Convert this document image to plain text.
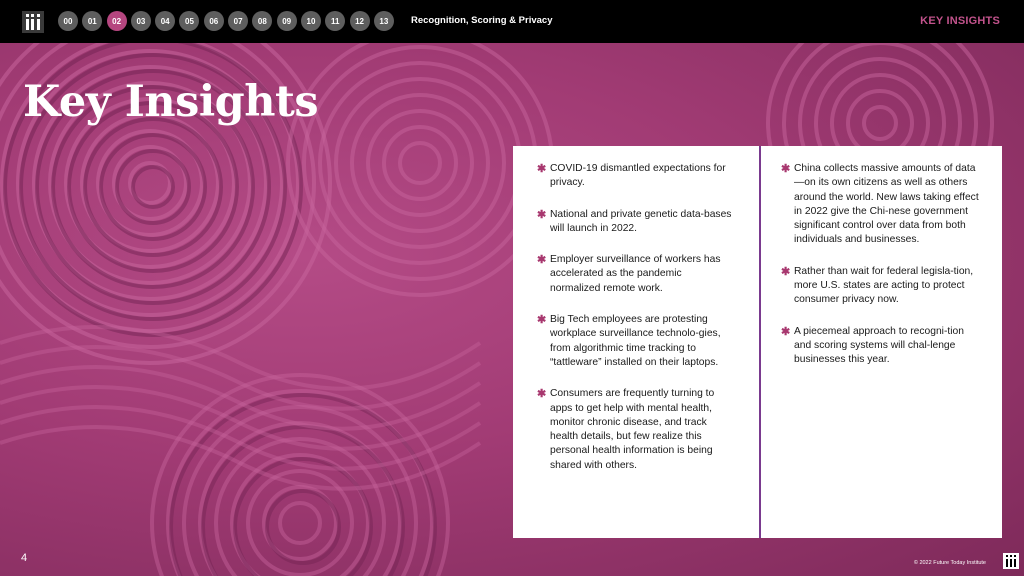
00	01	02	03	04	05	06	07	08	09	10	11	12	13	Recognition, Scoring & Privacy	KEY INSIGHTS
Key Insights
✱ COVID-19 dismantled expectations for privacy.
✱ National and private genetic data-bases will launch in 2022.
✱ Employer surveillance of workers has accelerated as the pandemic normalized remote work.
✱ Big Tech employees are protesting workplace surveillance technolo-gies, from algorithmic time tracking to “tattleware” installed on their laptops.
✱ Consumers are frequently turning to apps to get help with mental health, monitor chronic disease, and track health details, but few realize this personal health information is being shared with others.
✱ China collects massive amounts of data—on its own citizens as well as others around the world. New laws taking effect in 2022 give the Chi-nese government significant control over data from both individuals and businesses.
✱ Rather than wait for federal legisla-tion, more U.S. states are acting to protect consumer privacy now.
✱ A piecemeal approach to recogni-tion and scoring systems will chal-lenge businesses this year.
4	© 2022 Future Today Institute
